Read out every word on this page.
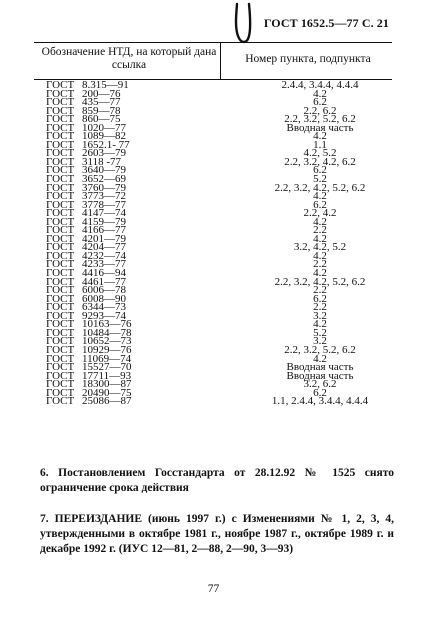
ГОСТ 1652.5—77 С. 21
Обозначение НТД, на который дана ссылка	Номер пункта, подпункта
ГОСТ 8.315—91	2.4.4, 3.4.4, 4.4.4
ГОСТ 200—76	4.2
ГОСТ 435—77	6.2
ГОСТ 859—78	2.2, 6.2
ГОСТ 860—75	2.2, 3.2, 5.2, 6.2
ГОСТ 1020—77	Вводная часть
ГОСТ 1089—82	4.2
ГОСТ 1652.1- 77	1.1
ГОСТ 2603—79	4.2, 5.2
ГОСТ 3118 -77	2.2, 3.2, 4.2, 6.2
ГОСТ 3640—79	6.2
ГОСТ 3652—69	5.2
ГОСТ 3760—79	2.2, 3.2, 4.2, 5.2, 6.2
ГОСТ 3773—72	4.2
ГОСТ 3778—77	6.2
ГОСТ 4147—74	2.2, 4.2
ГОСТ 4159—79	4.2
ГОСТ 4166—77	2.2
ГОСТ 4201—79	4.2
ГОСТ 4204—77	3.2, 4.2, 5.2
ГОСТ 4232—74	4.2
ГОСТ 4233—77	2.2
ГОСТ 4416—94	4.2
ГОСТ 4461—77	2.2, 3.2, 4.2, 5.2, 6.2
ГОСТ 6006—78	2.2
ГОСТ 6008—90	6.2
ГОСТ 6344—73	2.2
ГОСТ 9293—74	3.2
ГОСТ 10163—76	4.2
ГОСТ 10484—78	5.2
ГОСТ 10652—73	3.2
ГОСТ 10929—76	2.2, 3.2, 5.2, 6.2
ГОСТ 11069—74	4.2
ГОСТ 15527—70	Вводная часть
ГОСТ 17711—93	Вводная часть
ГОСТ 18300—87	3.2, 6.2
ГОСТ 20490—75	6.2
ГОСТ 25086—87	1.1, 2.4.4, 3.4.4, 4.4.4
6. Постановлением Госстандарта от 28.12.92 № 1525 снято ограничение срока действия
7. ПЕРЕИЗДАНИЕ (июнь 1997 г.) с Изменениями № 1, 2, 3, 4, утвержденными в октябре 1981 г., ноябре 1987 г., октябре 1989 г. и декабре 1992 г. (ИУС 12—81, 2—88, 2—90, 3—93)
77
